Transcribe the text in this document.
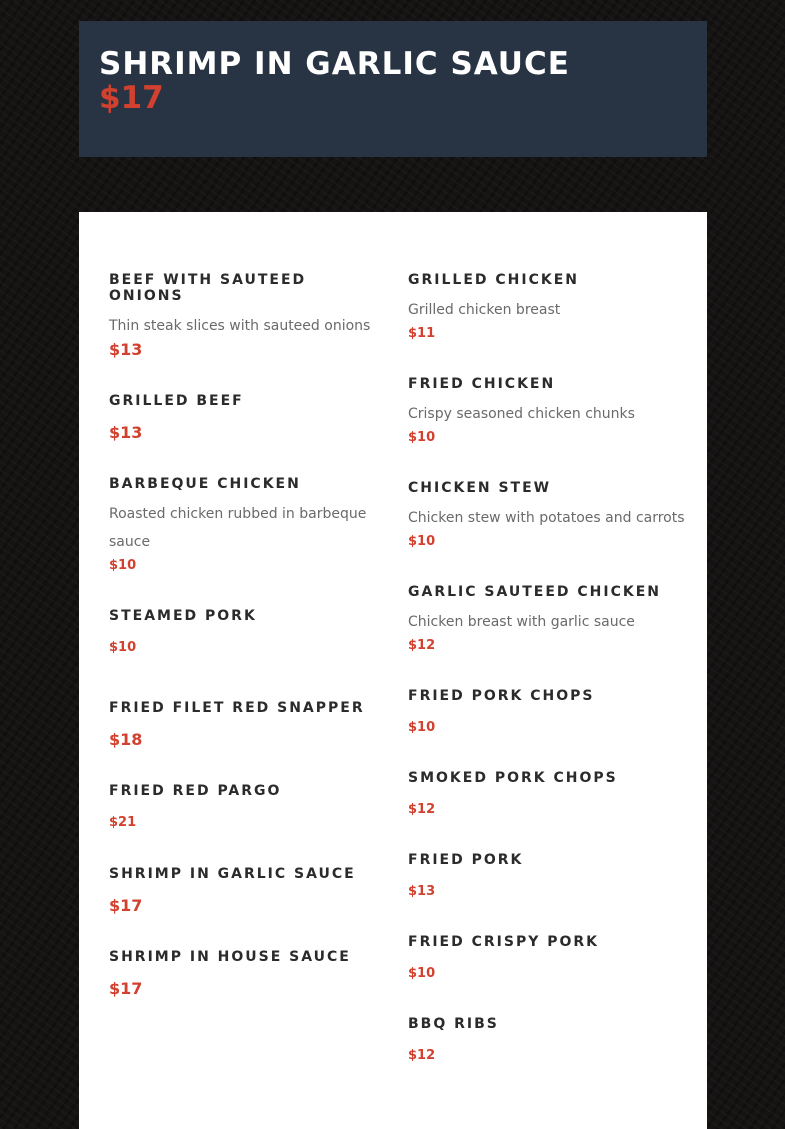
SHRIMP IN GARLIC SAUCE
$17
BEEF WITH SAUTEED ONIONS
Thin steak slices with sauteed onions
$13
GRILLED BEEF
$13
BARBEQUE CHICKEN
Roasted chicken rubbed in barbeque sauce
$10
STEAMED PORK
$10
FRIED FILET RED SNAPPER
$18
FRIED RED PARGO
$21
SHRIMP IN GARLIC SAUCE
$17
SHRIMP IN HOUSE SAUCE
$17
GRILLED CHICKEN
Grilled chicken breast
$11
FRIED CHICKEN
Crispy seasoned chicken chunks
$10
CHICKEN STEW
Chicken stew with potatoes and carrots
$10
GARLIC SAUTEED CHICKEN
Chicken breast with garlic sauce
$12
FRIED PORK CHOPS
$10
SMOKED PORK CHOPS
$12
FRIED PORK
$13
FRIED CRISPY PORK
$10
BBQ RIBS
$12
